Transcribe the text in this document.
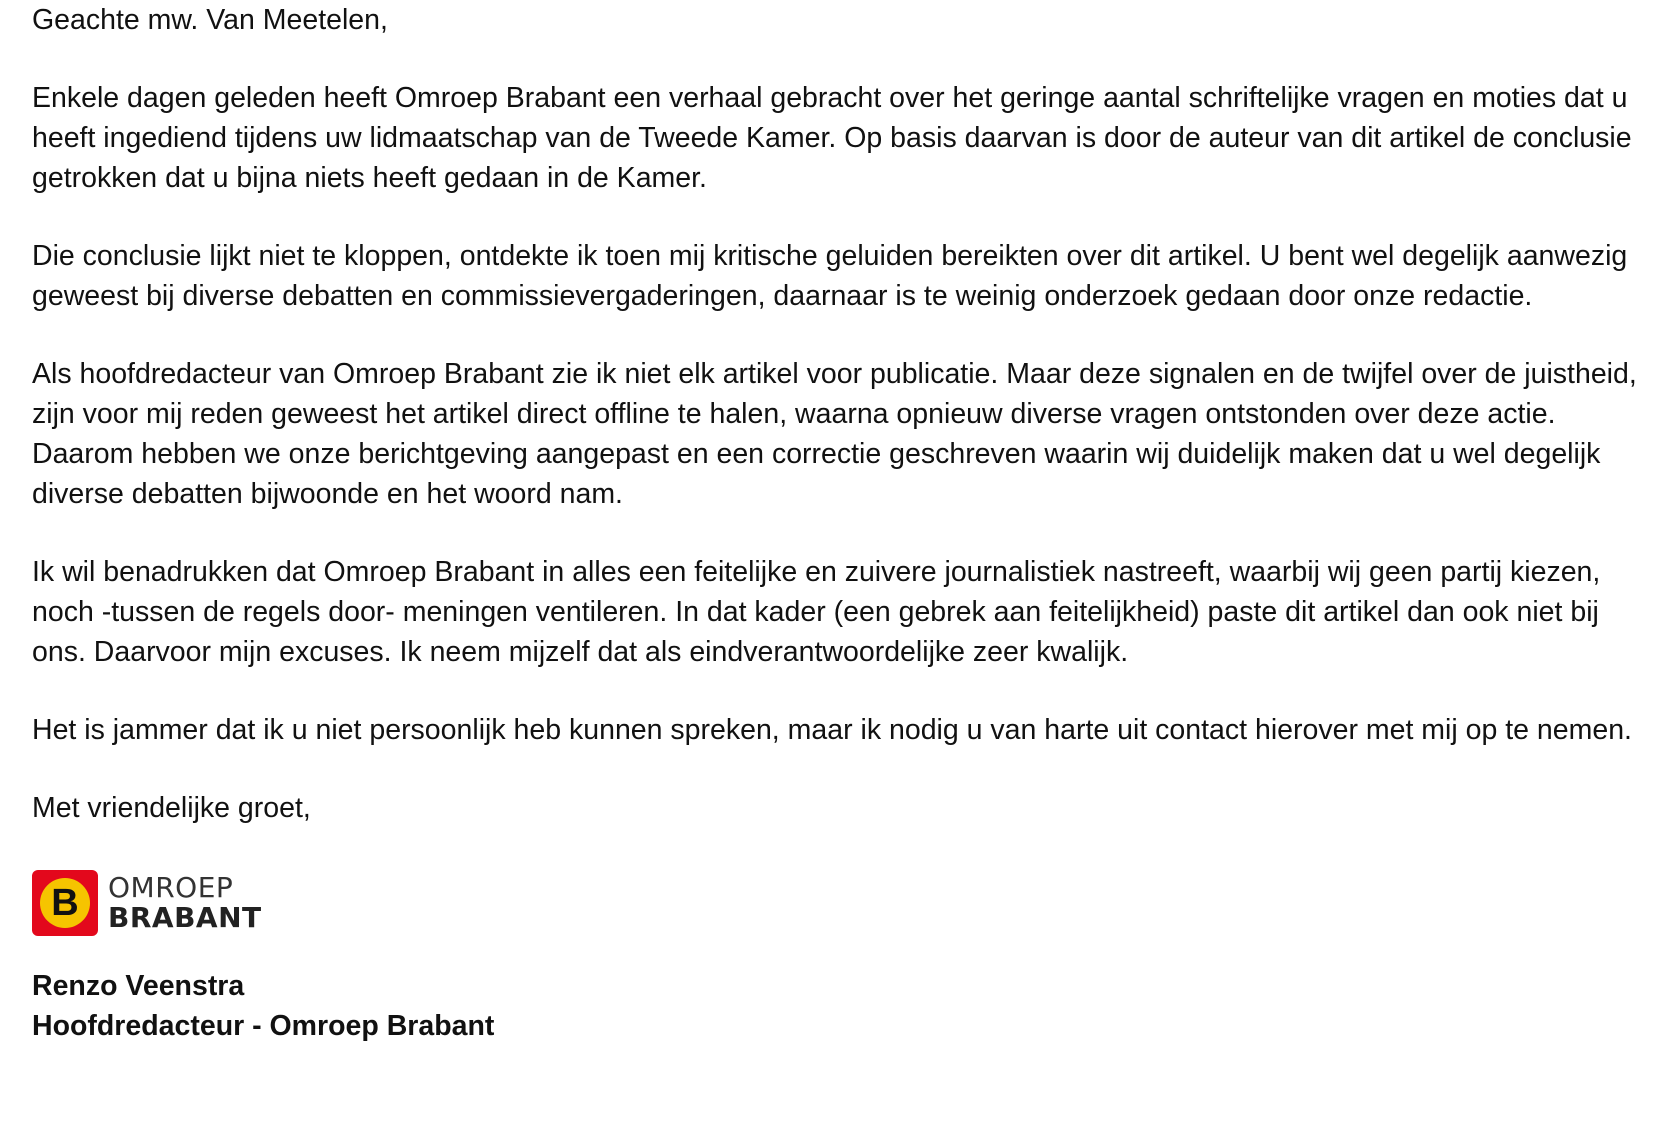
Geachte mw. Van Meetelen,

Enkele dagen geleden heeft Omroep Brabant een verhaal gebracht over het geringe aantal schriftelijke vragen en moties dat u heeft ingediend tijdens uw lidmaatschap van de Tweede Kamer. Op basis daarvan is door de auteur van dit artikel de conclusie getrokken dat u bijna niets heeft gedaan in de Kamer.

Die conclusie lijkt niet te kloppen, ontdekte ik toen mij kritische geluiden bereikten over dit artikel. U bent wel degelijk aanwezig geweest bij diverse debatten en commissievergaderingen, daarnaar is te weinig onderzoek gedaan door onze redactie.

Als hoofdredacteur van Omroep Brabant zie ik niet elk artikel voor publicatie. Maar deze signalen en de twijfel over de juistheid, zijn voor mij reden geweest het artikel direct offline te halen, waarna opnieuw diverse vragen ontstonden over deze actie. Daarom hebben we onze berichtgeving aangepast en een correctie geschreven waarin wij duidelijk maken dat u wel degelijk diverse debatten bijwoonde en het woord nam.

Ik wil benadrukken dat Omroep Brabant in alles een feitelijke en zuivere journalistiek nastreeft, waarbij wij geen partij kiezen, noch -tussen de regels door- meningen ventileren. In dat kader (een gebrek aan feitelijkheid) paste dit artikel dan ook niet bij ons. Daarvoor mijn excuses. Ik neem mijzelf dat als eindverantwoordelijke zeer kwalijk.

Het is jammer dat ik u niet persoonlijk heb kunnen spreken, maar ik nodig u van harte uit contact hierover met mij op te nemen.

Met vriendelijke groet,

B	OMROEP
BRABANT

Renzo Veenstra

Hoofdredacteur - Omroep Brabant
